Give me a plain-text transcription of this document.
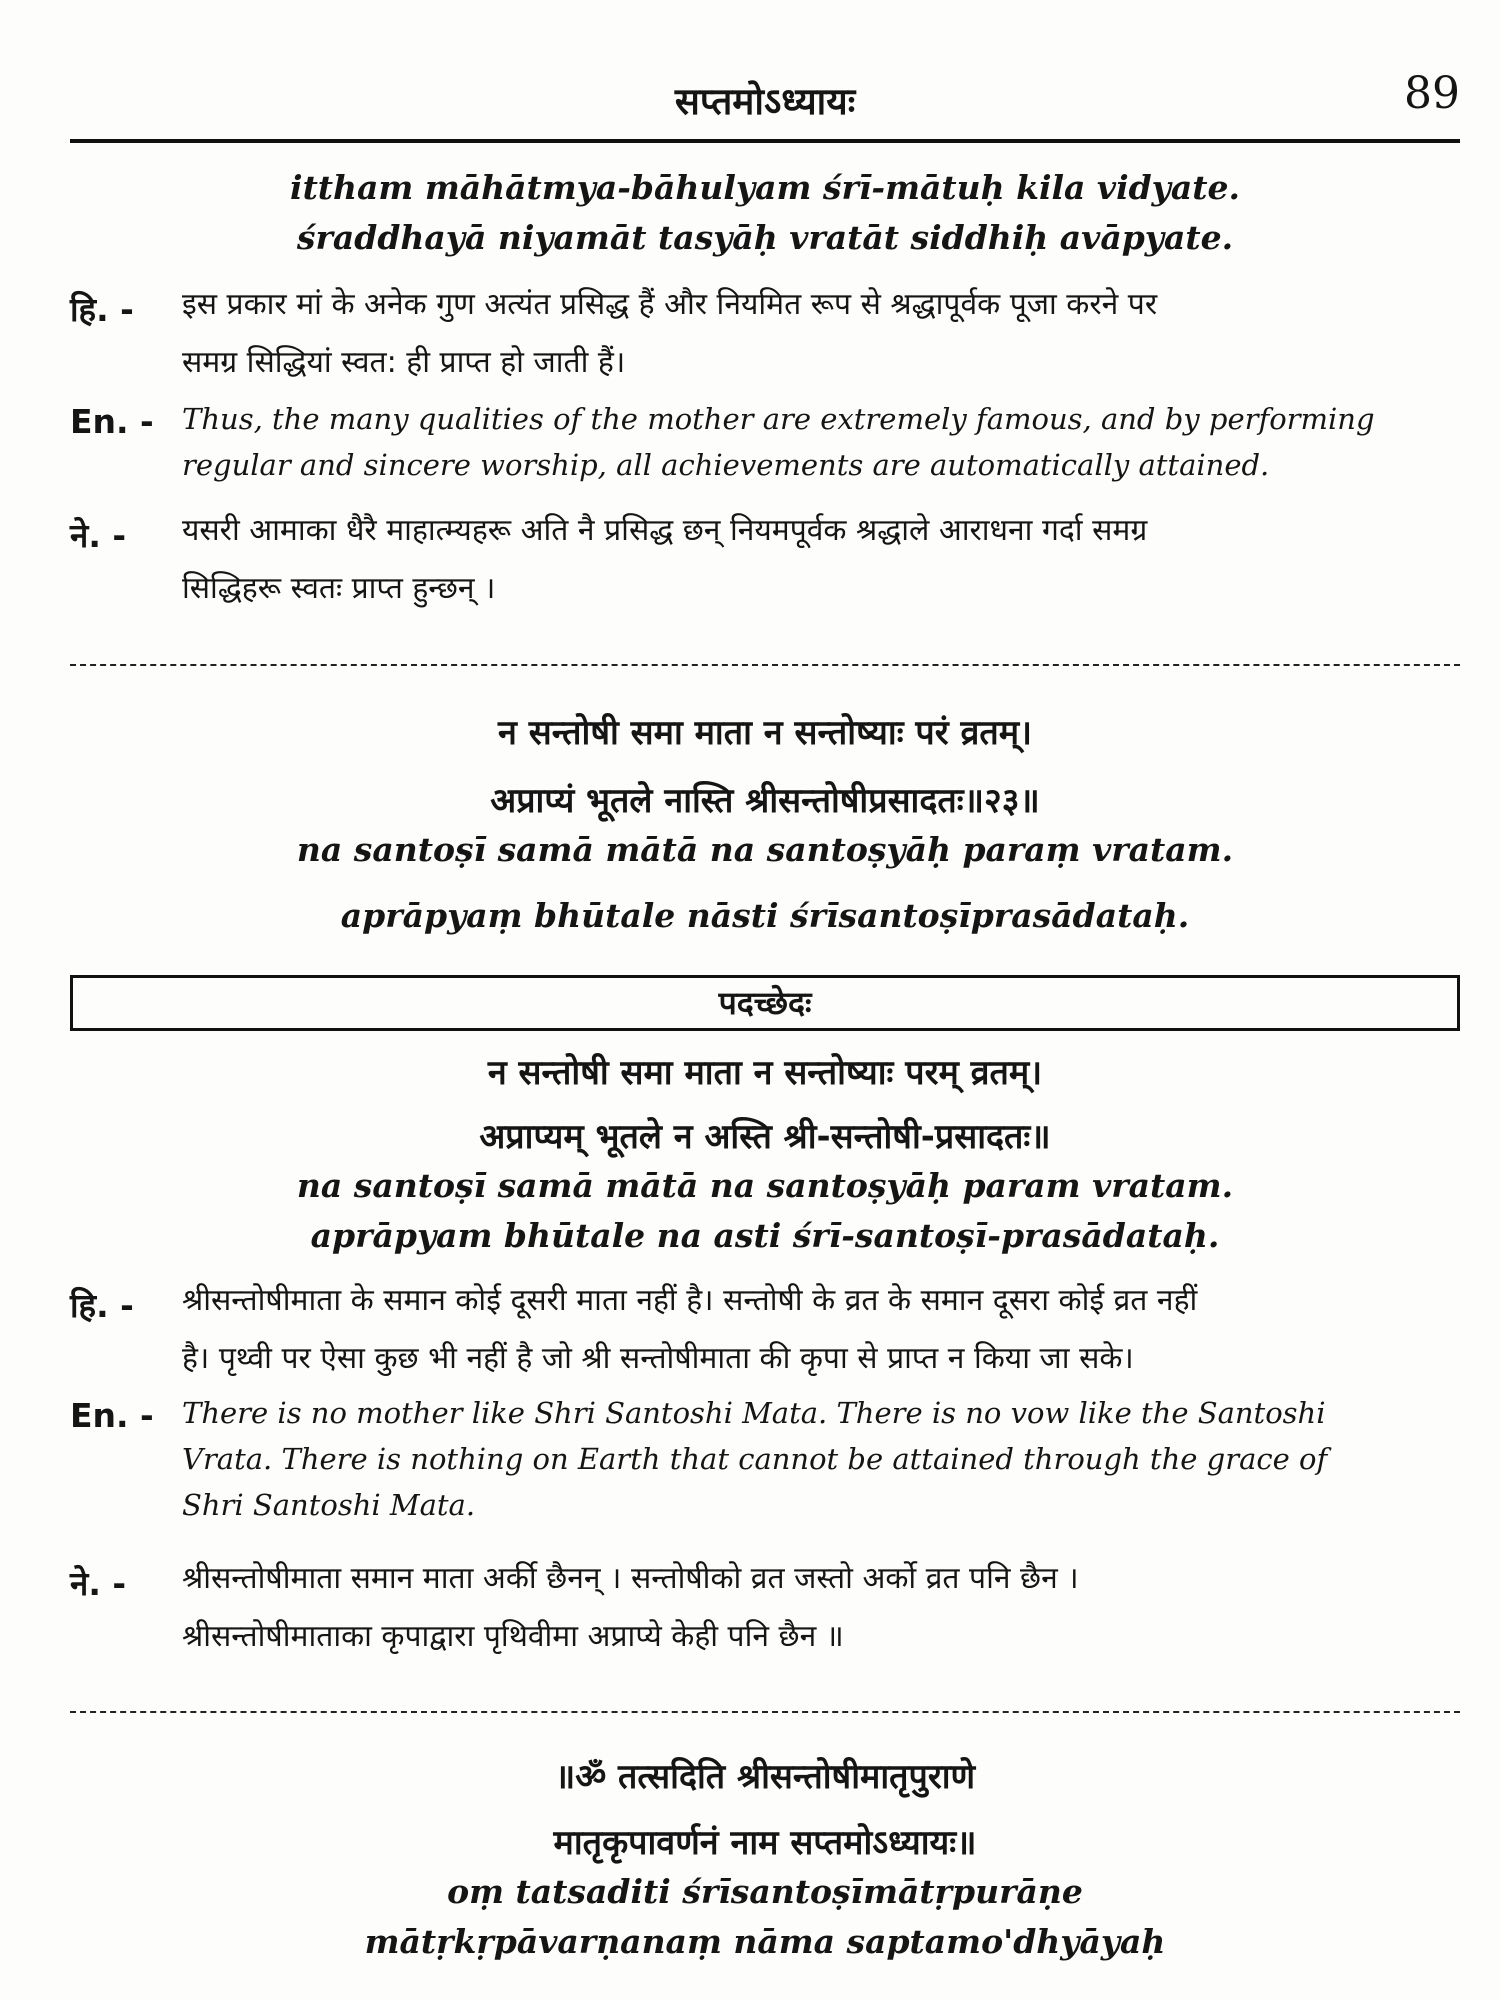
सप्तमोऽध्यायः	89
ittham māhātmya-bāhulyam śrī-mātuḥ kila vidyate.
śraddhayā niyamāt tasyāḥ vratāt siddhiḥ avāpyate.
हि. - इस प्रकार मां के अनेक गुण अत्यंत प्रसिद्ध हैं और नियमित रूप से श्रद्धापूर्वक पूजा करने पर
समग्र सिद्धियां स्वत: ही प्राप्त हो जाती हैं।
En. - Thus, the many qualities of the mother are extremely famous, and by performing
regular and sincere worship, all achievements are automatically attained.
ने. - यसरी आमाका धैरै माहात्म्यहरू अति नै प्रसिद्ध छन् नियमपूर्वक श्रद्धाले आराधना गर्दा समग्र
सिद्धिहरू स्वतः प्राप्त हुन्छन् ।
न सन्तोषी समा माता न सन्तोष्याः परं व्रतम्।
अप्राप्यं भूतले नास्ति श्रीसन्तोषीप्रसादतः॥२३॥
na santoṣī samā mātā na santoṣyāḥ paraṃ vratam.
aprāpyaṃ bhūtale nāsti śrīsantoṣīprasādataḥ.
पदच्छेदः
न सन्तोषी समा माता न सन्तोष्याः परम् व्रतम्।
अप्राप्यम् भूतले न अस्ति श्री-सन्तोषी-प्रसादतः॥
na santoṣī samā mātā na santoṣyāḥ param vratam.
aprāpyam bhūtale na asti śrī-santoṣī-prasādataḥ.
हि. - श्रीसन्तोषीमाता के समान कोई दूसरी माता नहीं है। सन्तोषी के व्रत के समान दूसरा कोई व्रत नहीं
है। पृथ्वी पर ऐसा कुछ भी नहीं है जो श्री सन्तोषीमाता की कृपा से प्राप्त न किया जा सके।
En. - There is no mother like Shri Santoshi Mata. There is no vow like the Santoshi
Vrata. There is nothing on Earth that cannot be attained through the grace of
Shri Santoshi Mata.
ने. - श्रीसन्तोषीमाता समान माता अर्की छैनन् । सन्तोषीको व्रत जस्तो अर्को व्रत पनि छैन ।
श्रीसन्तोषीमाताका कृपाद्वारा पृथिवीमा अप्राप्ये केही पनि छैन ॥
॥ॐ तत्सदिति श्रीसन्तोषीमातृपुराणे
मातृकृपावर्णनं नाम सप्तमोऽध्यायः॥
oṃ tatsaditi śrīsantoṣīmātṛpurāṇe
mātṛkṛpāvarṇanaṃ nāma saptamo'dhyāyaḥ
